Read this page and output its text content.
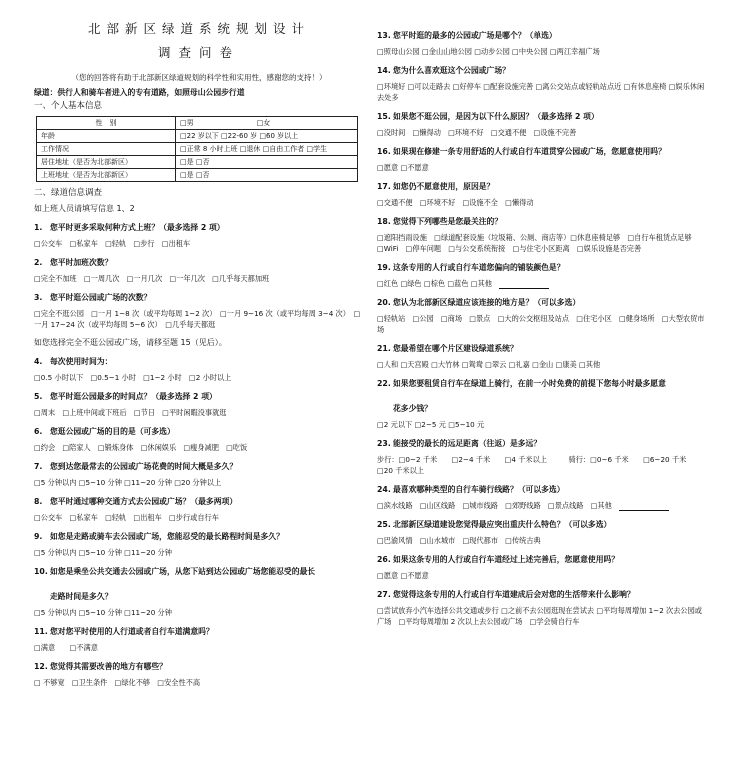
北部新区绿道系统规划设计
调查问卷
（您的回答将有助于北部新区绿道规划的科学性和实用性，感谢您的支持！）
绿道：供行人和骑车者进入的专有道路，如照母山公园步行道
一、个人基本信息
性　别	□男　　　　　　　　　□女
年龄	□22 岁以下 □22-60 岁 □60 岁以上
工作情况	□正常 8 小时上班 □退休 □自由工作者 □学生
居住地址（是否为北部新区）	□是 □否
上班地址（是否为北部新区）	□是 □否
二、绿道信息调查
如上班人员请填写信息 1、2
1. 您平时更多采取何种方式上班？（最多选择 2 项）
□公交车　□私家车　□轻轨　□步行　□出租车
2. 您平时加班次数？
□完全不加班　□一周几次　□一月几次　□一年几次　□几乎每天都加班
3. 您平时逛公园或广场的次数？
□完全不逛公园　□一月 1~8 次（或平均每周 1~2 次）　□一月 9~16 次（或平均每周 3~4 次）　□一月 17~24 次（或平均每周 5~6 次）　□几乎每天都逛
如您选择完全不逛公园或广场，请移至题 15（见后）。
4. 每次使用时间为：
□0.5 小时以下　□0.5~1 小时　□1~2 小时　□2 小时以上
5. 您平时逛公园最多的时间点？（最多选择 2 项）
□周末　□上班中间或下班后　□节日　□平时闲暇没事就逛
6. 您逛公园或广场的目的是（可多选）
□约会　□陪家人　□锻炼身体　□休闲娱乐　□瘦身减肥　□吃饭
7. 您到达您最常去的公园或广场花费的时间大概是多久？
□5 分钟以内 □5~10 分钟 □11~20 分钟 □20 分钟以上
8. 您平时通过哪种交通方式去公园或广场？（最多两项）
□公交车　□私家车　□轻轨　□出租车　□步行或自行车
9. 如您是走路或骑车去公园或广场，您能忍受的最长路程时间是多久？
□5 分钟以内 □5~10 分钟 □11~20 分钟
10. 如您是乘坐公共交通去公园或广场，从您下站到达公园或广场您能忍受的最长
走路时间是多久？
□5 分钟以内 □5~10 分钟 □11~20 分钟
11. 您对您平时使用的人行道或者自行车道满意吗？
□满意　　□不满意
12. 您觉得其需要改善的地方有哪些？
□ 不够宽　□卫生条件　□绿化不够　□安全性不高
13. 您平时逛的最多的公园或广场是哪个？（单选）
□照母山公园 □金山山地公园 □动步公园 □中央公园 □两江幸福广场
14. 您为什么喜欢逛这个公园或广场？
□环境好 □可以走路去 □好停车 □配套设施完善 □离公交站点或轻轨站点近 □有休息座椅 □娱乐休闲去处多
15. 如果您不逛公园，是因为以下什么原因？（最多选择 2 项）
□没时间　□懒得动　□环境不好　□交通不便　□设施不完善
16. 如果现在修建一条专用舒适的人行或自行车道贯穿公园或广场，您愿意使用吗？
□愿意 □不愿意
17. 如您仍不愿意使用，原因是？
□交通不便　□环境不好　□设施不全　□懒得动
18. 您觉得下列哪些是您最关注的？
□遮阳挡雨设施　□绿道配套设施（垃圾箱、公厕、商店等）□休息座椅足够　□自行车租赁点足够　□WiFi　□停车问题　□与公交系统衔接　□与住宅小区距离　□娱乐设施是否完善
19. 这条专用的人行或自行车道您偏向的铺装颜色是？
□红色 □绿色 □棕色 □蓝色 □其他
20. 您认为北部新区绿道应该连接的地方是？（可以多选）
□轻轨站　□公园　□商场　□景点　□大的公交枢纽及站点　□住宅小区　□健身场所　□大型农贸市场
21. 您最希望在哪个片区建设绿道系统？
□人和 □天宫殿 □大竹林 □鸳鸯 □翠云 □礼嘉 □金山 □康美 □其他
22. 如果您要租赁自行车在绿道上骑行，在前一小时免费的前提下您每小时最多愿意
花多少钱？
□2 元以下 □2~5 元 □5~10 元
23. 能接受的最长的远足距离（往返）是多远？
步行：□0~2 千米　　□2~4 千米　　□4 千米以上　　　骑行：□0~6 千米　　□6~20 千米　　□20 千米以上
24. 最喜欢哪种类型的自行车骑行线路？（可以多选）
□滨水线路　□山区线路　□城市线路　□郊野线路　□景点线路　□其他
25. 北部新区绿道建设您觉得最应突出重庆什么特色？（可以多选）
□巴渝风情　□山水城市　□现代都市　□传统古典
26. 如果这条专用的人行或自行车道经过上述完善后，您愿意使用吗？
□愿意 □不愿意
27. 您觉得这条专用的人行或自行车道建成后会对您的生活带来什么影响？
□尝试放弃小汽车选择公共交通或步行 □之前不去公园逛现在尝试去 □平均每周增加 1~2 次去公园或广场　□平均每周增加 2 次以上去公园或广场　□学会骑自行车
